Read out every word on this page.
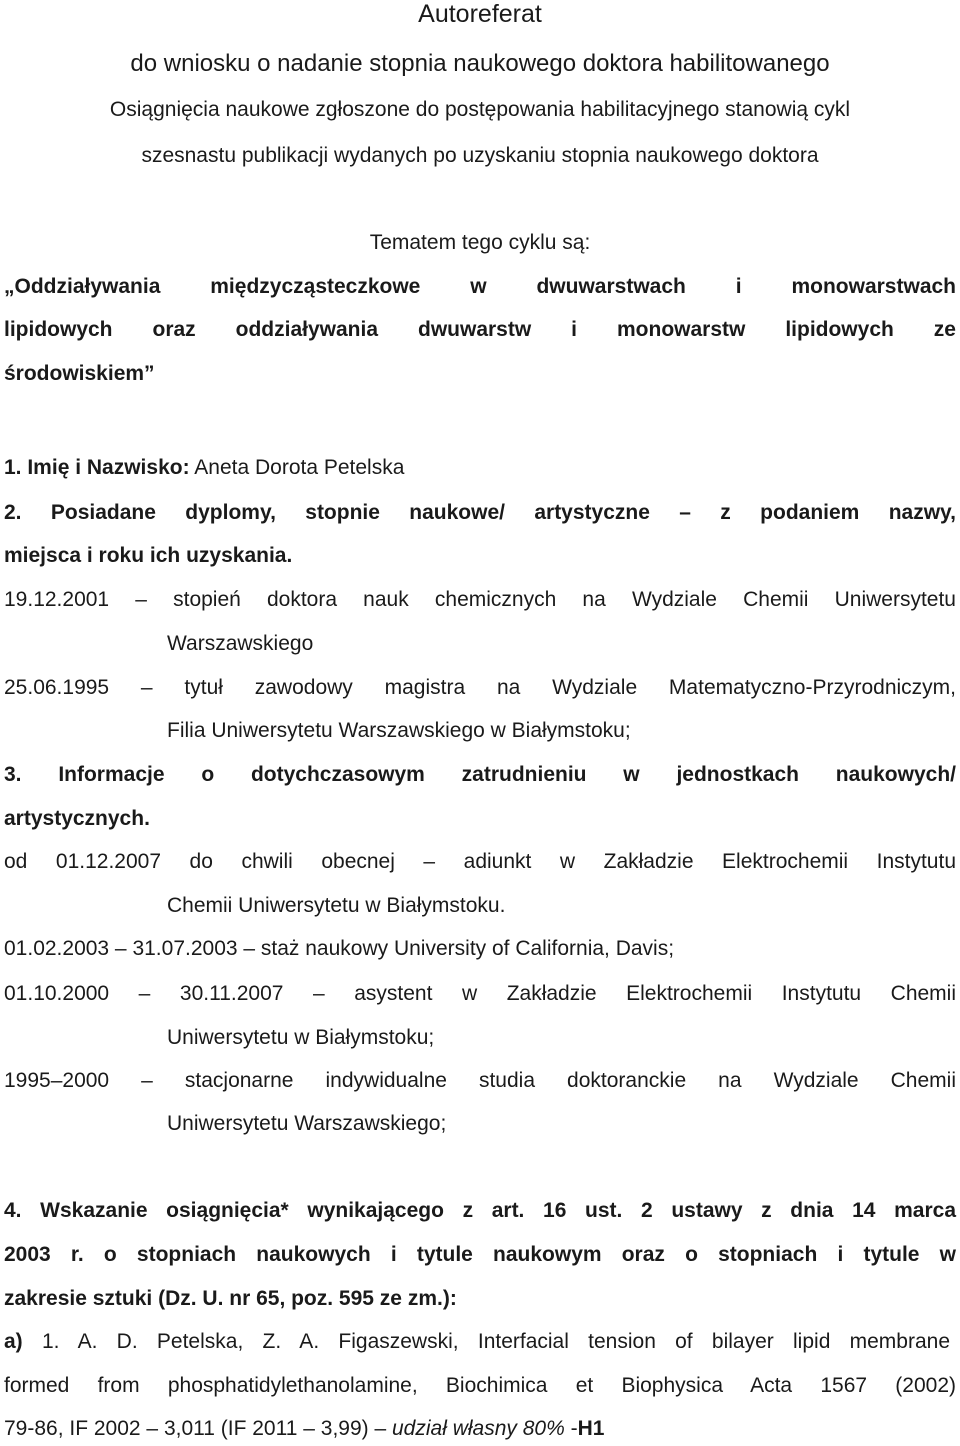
Autoreferat
do wniosku o nadanie stopnia naukowego doktora habilitowanego
Osiągnięcia naukowe zgłoszone do postępowania habilitacyjnego stanowią cykl
szesnastu publikacji wydanych po uzyskaniu stopnia naukowego doktora
Tematem tego cyklu są:
„Oddziaływania międzycząsteczkowe w dwuwarstwach i monowarstwach
lipidowych oraz oddziaływania dwuwarstw i monowarstw lipidowych ze
środowiskiem”
1. Imię i Nazwisko: Aneta Dorota Petelska
2. Posiadane dyplomy, stopnie naukowe/ artystyczne – z podaniem nazwy,
miejsca i roku ich uzyskania.
19.12.2001 – stopień doktora nauk chemicznych na Wydziale Chemii Uniwersytetu
Warszawskiego
25.06.1995 – tytuł zawodowy magistra na Wydziale Matematyczno-Przyrodniczym,
Filia Uniwersytetu Warszawskiego w Białymstoku;
3. Informacje o dotychczasowym zatrudnieniu w jednostkach naukowych/
artystycznych.
od 01.12.2007 do chwili obecnej – adiunkt w Zakładzie Elektrochemii Instytutu
Chemii Uniwersytetu w Białymstoku.
01.02.2003 – 31.07.2003 – staż naukowy University of California, Davis;
01.10.2000 – 30.11.2007 – asystent w Zakładzie Elektrochemii Instytutu Chemii
Uniwersytetu w Białymstoku;
1995–2000 – stacjonarne indywidualne studia doktoranckie na Wydziale Chemii
Uniwersytetu Warszawskiego;
4. Wskazanie osiągnięcia* wynikającego z art. 16 ust. 2 ustawy z dnia 14 marca
2003 r. o stopniach naukowych i tytule naukowym oraz o stopniach i tytule w
zakresie sztuki (Dz. U. nr 65, poz. 595 ze zm.):
a) 1. A. D. Petelska, Z. A. Figaszewski, Interfacial tension of bilayer lipid membrane
formed from phosphatidylethanolamine, Biochimica et Biophysica Acta 1567 (2002)
79-86, IF 2002 – 3,011 (IF 2011 – 3,99) – udział własny 80% -H1
